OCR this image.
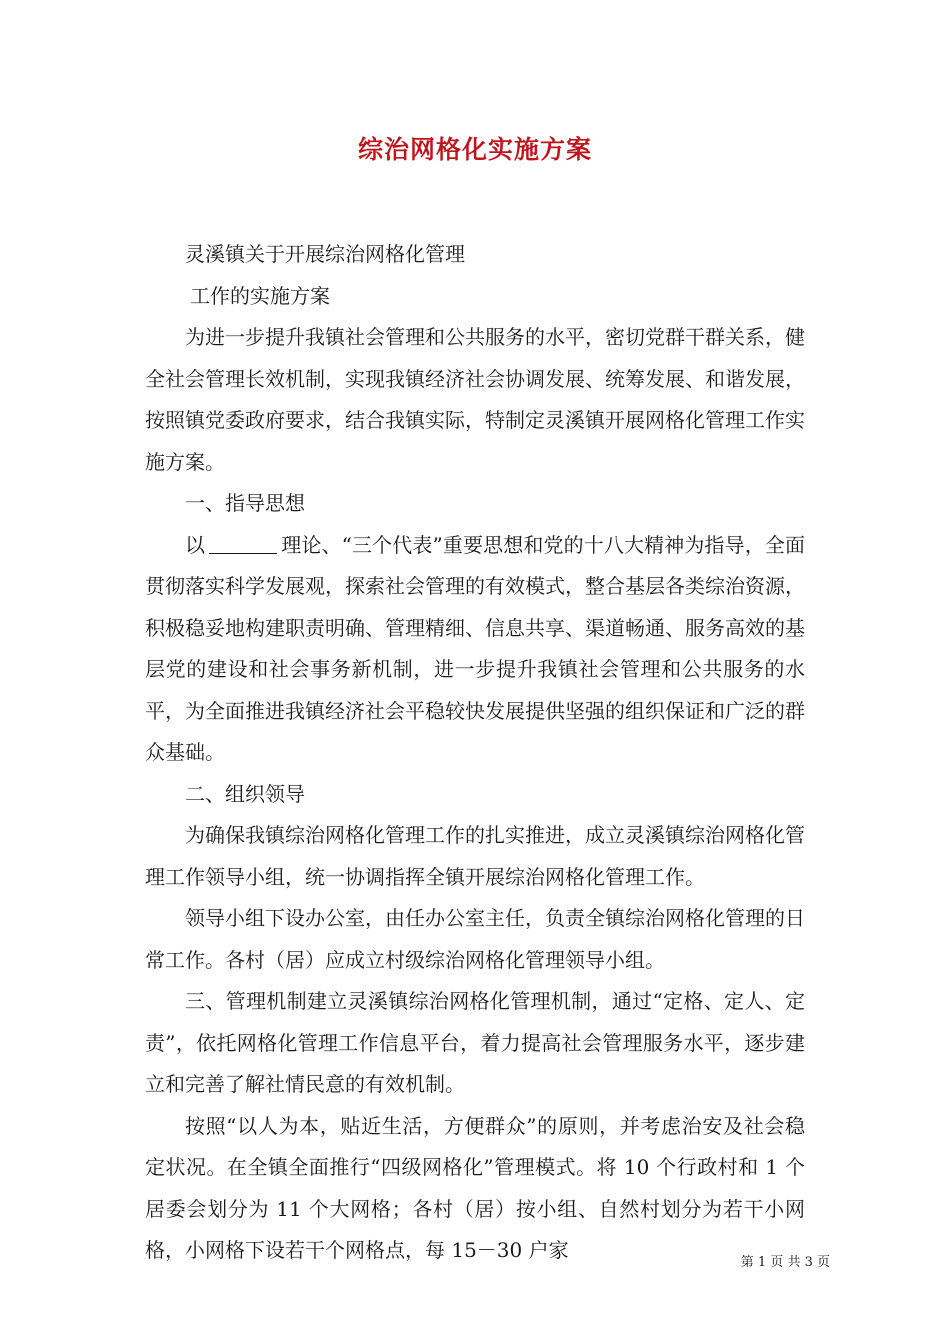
综治网格化实施方案

灵溪镇关于开展综治网格化管理

工作的实施方案

为进一步提升我镇社会管理和公共服务的水平，密切党群干群关系，健全社会管理长效机制，实现我镇经济社会协调发展、统筹发展、和谐发展，按照镇党委政府要求，结合我镇实际，特制定灵溪镇开展网格化管理工作实施方案。

一、指导思想

以	理论、“三个代表”重要思想和党的十八大精神为指导，全面贯彻落实科学发展观，探索社会管理的有效模式，整合基层各类综治资源，积极稳妥地构建职责明确、管理精细、信息共享、渠道畅通、服务高效的基层党的建设和社会事务新机制，进一步提升我镇社会管理和公共服务的水平，为全面推进我镇经济社会平稳较快发展提供坚强的组织保证和广泛的群众基础。

二、组织领导

为确保我镇综治网格化管理工作的扎实推进，成立灵溪镇综治网格化管理工作领导小组，统一协调指挥全镇开展综治网格化管理工作。

领导小组下设办公室，由任办公室主任，负责全镇综治网格化管理的日常工作。各村（居）应成立村级综治网格化管理领导小组。

三、管理机制建立灵溪镇综治网格化管理机制，通过“定格、定人、定责”，依托网格化管理工作信息平台，着力提高社会管理服务水平，逐步建立和完善了解社情民意的有效机制。

按照“以人为本，贴近生活，方便群众”的原则，并考虑治安及社会稳定状况。在全镇全面推行“四级网格化”管理模式。将 10 个行政村和 1 个居委会划分为 11 个大网格；各村（居）按小组、自然村划分为若干小网格，小网格下设若干个网格点，每 15－30 户家

第 1 页 共 3 页
